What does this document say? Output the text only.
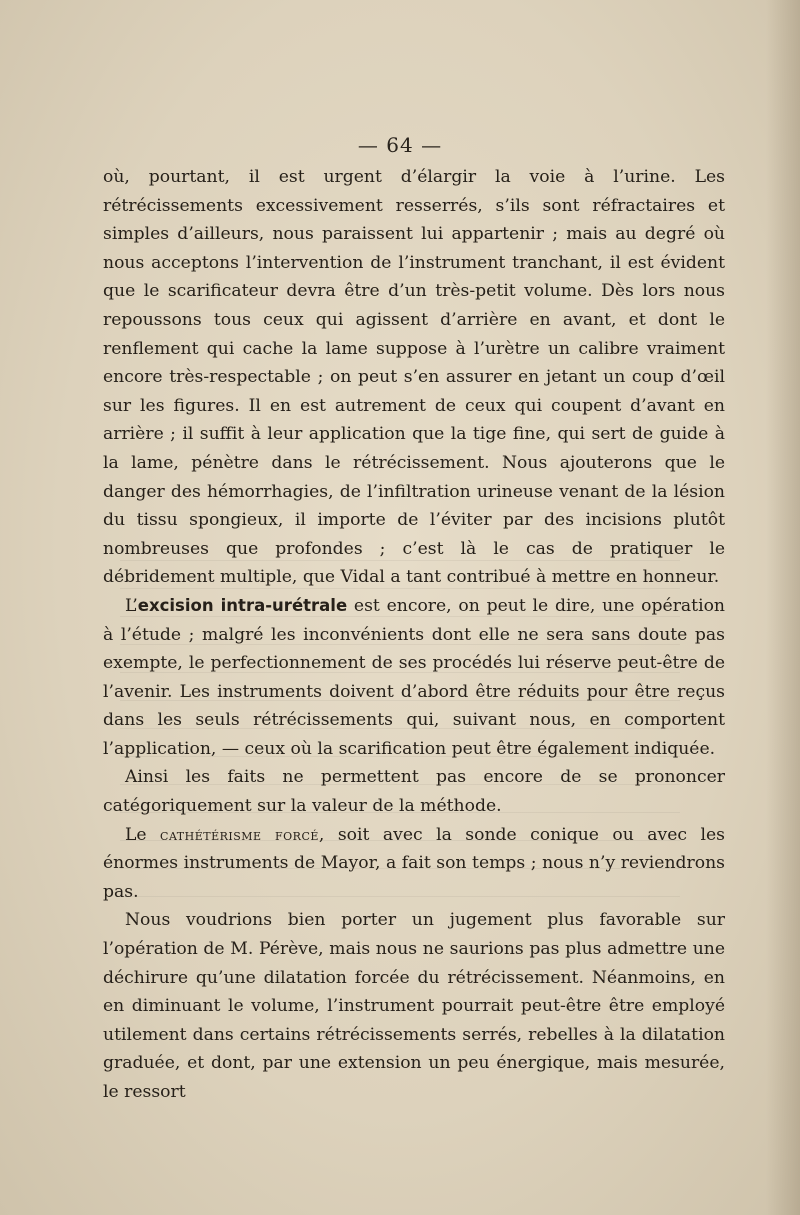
— 64 —

où, pourtant, il est urgent d’élargir la voie à l’urine. Les rétrécissements excessivement resserrés, s’ils sont réfractaires et simples d’ailleurs, nous paraissent lui appartenir ; mais au degré où nous acceptons l’intervention de l’instrument tranchant, il est évident que le scarificateur devra être d’un très-petit volume. Dès lors nous repoussons tous ceux qui agissent d’arrière en avant, et dont le renflement qui cache la lame suppose à l’urètre un calibre vraiment encore très-respectable ; on peut s’en assurer en jetant un coup d’œil sur les figures. Il en est autrement de ceux qui coupent d’avant en arrière ; il suffit à leur application que la tige fine, qui sert de guide à la lame, pénètre dans le rétrécissement. Nous ajouterons que le danger des hémorrhagies, de l’infiltration urineuse venant de la lésion du tissu spongieux, il importe de l’éviter par des incisions plutôt nombreuses que profondes ; c’est là le cas de pratiquer le débridement multiple, que Vidal a tant contribué à mettre en honneur.

L’excision intra-urétrale est encore, on peut le dire, une opération à l’étude ; malgré les inconvénients dont elle ne sera sans doute pas exempte, le perfectionnement de ses procédés lui réserve peut-être de l’avenir. Les instruments doivent d’abord être réduits pour être reçus dans les seuls rétrécissements qui, suivant nous, en comportent l’application, — ceux où la scarification peut être également indiquée.

Ainsi les faits ne permettent pas encore de se prononcer catégoriquement sur la valeur de la méthode.

Le cathétérisme forcé, soit avec la sonde conique ou avec les énormes instruments de Mayor, a fait son temps ; nous n’y reviendrons pas.

Nous voudrions bien porter un jugement plus favorable sur l’opération de M. Pérève, mais nous ne saurions pas plus admettre une déchirure qu’une dilatation forcée du rétrécissement. Néanmoins, en en diminuant le volume, l’instrument pourrait peut-être être employé utilement dans certains rétrécissements serrés, rebelles à la dilatation graduée, et dont, par une extension un peu énergique, mais mesurée, le ressort
